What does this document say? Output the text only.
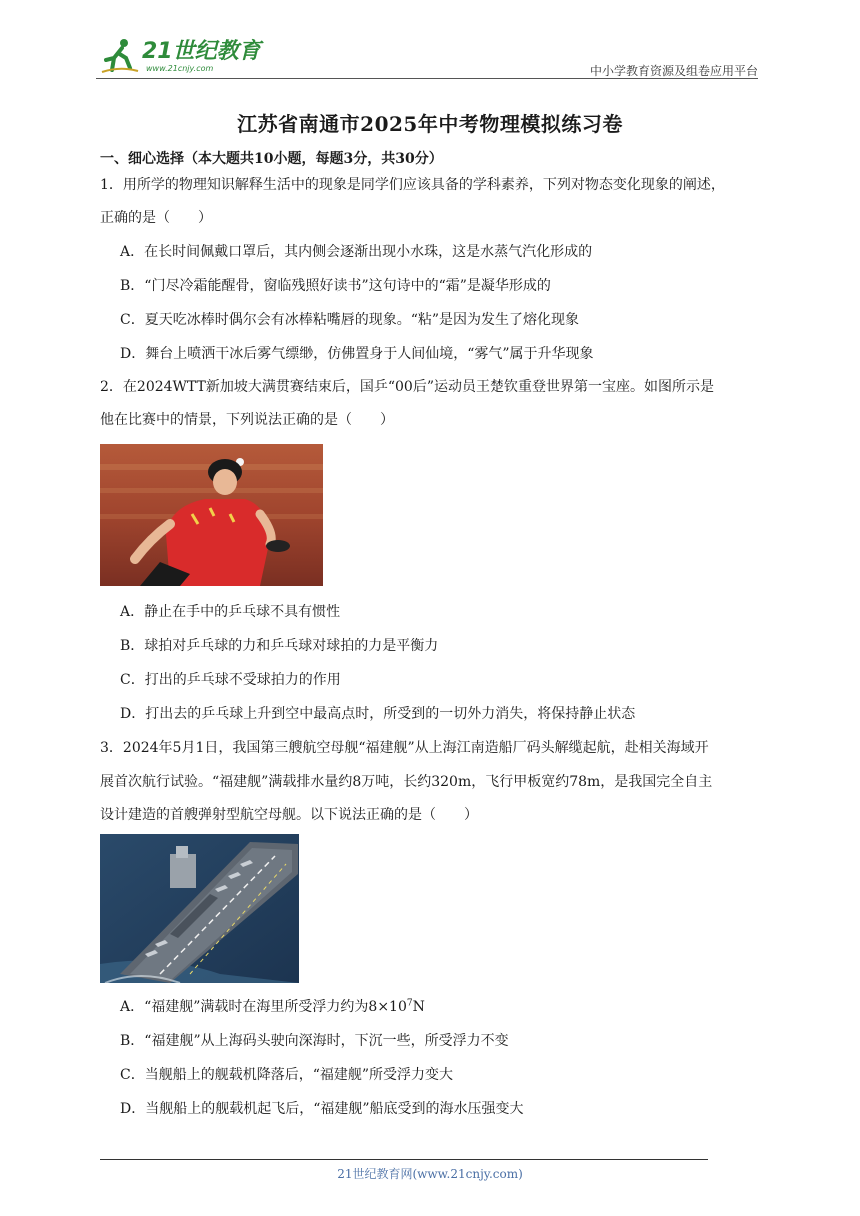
21世纪教育
www.21cnjy.com	中小学教育资源及组卷应用平台
江苏省南通市2025年中考物理模拟练习卷
一、细心选择（本大题共10小题，每题3分，共30分）
1．用所学的物理知识解释生活中的现象是同学们应该具备的学科素养，下列对物态变化现象的阐述，
正确的是（　　）
A．在长时间佩戴口罩后，其内侧会逐渐出现小水珠，这是水蒸气汽化形成的
B．“门尽冷霜能醒骨，窗临残照好读书”这句诗中的“霜”是凝华形成的
C．夏天吃冰棒时偶尔会有冰棒粘嘴唇的现象。“粘”是因为发生了熔化现象
D．舞台上喷洒干冰后雾气缥缈，仿佛置身于人间仙境，“雾气”属于升华现象
2．在2024WTT新加坡大满贯赛结束后，国乒“00后”运动员王楚钦重登世界第一宝座。如图所示是
他在比赛中的情景，下列说法正确的是（　　）
A．静止在手中的乒乓球不具有惯性
B．球拍对乒乓球的力和乒乓球对球拍的力是平衡力
C．打出的乒乓球不受球拍力的作用
D．打出去的乒乓球上升到空中最高点时，所受到的一切外力消失，将保持静止状态
3．2024年5月1日，我国第三艘航空母舰“福建舰”从上海江南造船厂码头解缆起航，赴相关海域开
展首次航行试验。“福建舰”满载排水量约8万吨，长约320m，飞行甲板宽约78m，是我国完全自主
设计建造的首艘弹射型航空母舰。以下说法正确的是（　　）
A．“福建舰”满载时在海里所受浮力约为$8\times 10^7N$
B．“福建舰”从上海码头驶向深海时，下沉一些，所受浮力不变
C．当舰船上的舰载机降落后，“福建舰”所受浮力变大
D．当舰船上的舰载机起飞后，“福建舰”船底受到的海水压强变大
21世纪教育网(www.21cnjy.com)
